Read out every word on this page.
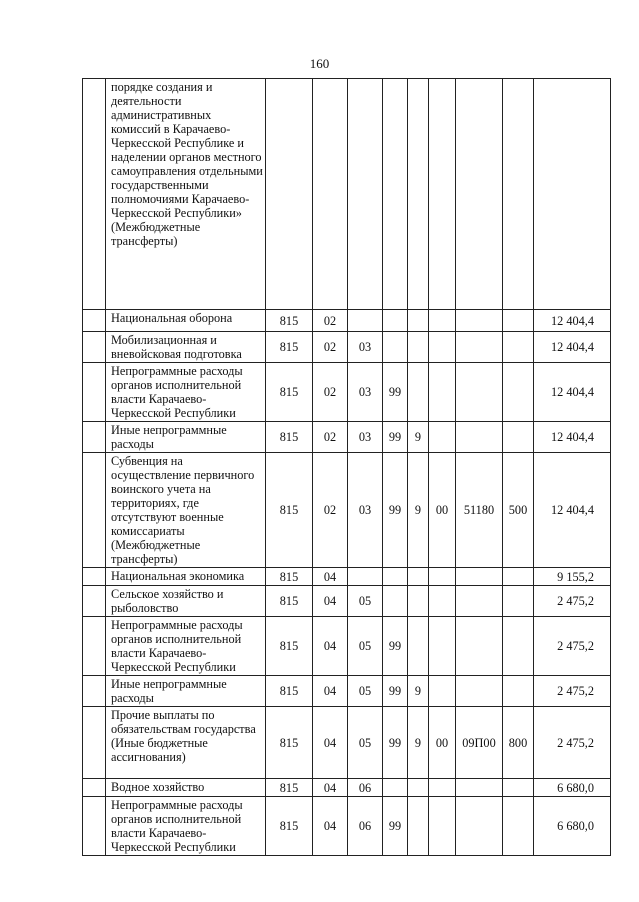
160
	порядке создания и деятельности административных комиссий в Карачаево-Черкесской Республике и наделении органов местного самоуправления отдельными государственными полномочиями Карачаево-Черкесской Республики» (Межбюджетные трансферты)									
	Национальная оборона	815	02							12 404,4
	Мобилизационная и вневойсковая подготовка	815	02	03						12 404,4
	Непрограммные расходы органов исполнительной власти Карачаево-Черкесской Республики	815	02	03	99					12 404,4
	Иные непрограммные расходы	815	02	03	99	9				12 404,4
	Субвенция на осуществление первичного воинского учета на территориях, где отсутствуют военные комиссариаты (Межбюджетные трансферты)	815	02	03	99	9	00	51180	500	12 404,4
	Национальная экономика	815	04							9 155,2
	Сельское хозяйство и рыболовство	815	04	05						2 475,2
	Непрограммные расходы органов исполнительной власти Карачаево-Черкесской Республики	815	04	05	99					2 475,2
	Иные непрограммные расходы	815	04	05	99	9				2 475,2
	Прочие выплаты по обязательствам государства (Иные бюджетные ассигнования)	815	04	05	99	9	00	09П00	800	2 475,2
	Водное хозяйство	815	04	06						6 680,0
	Непрограммные расходы органов исполнительной власти Карачаево-Черкесской Республики	815	04	06	99					6 680,0
